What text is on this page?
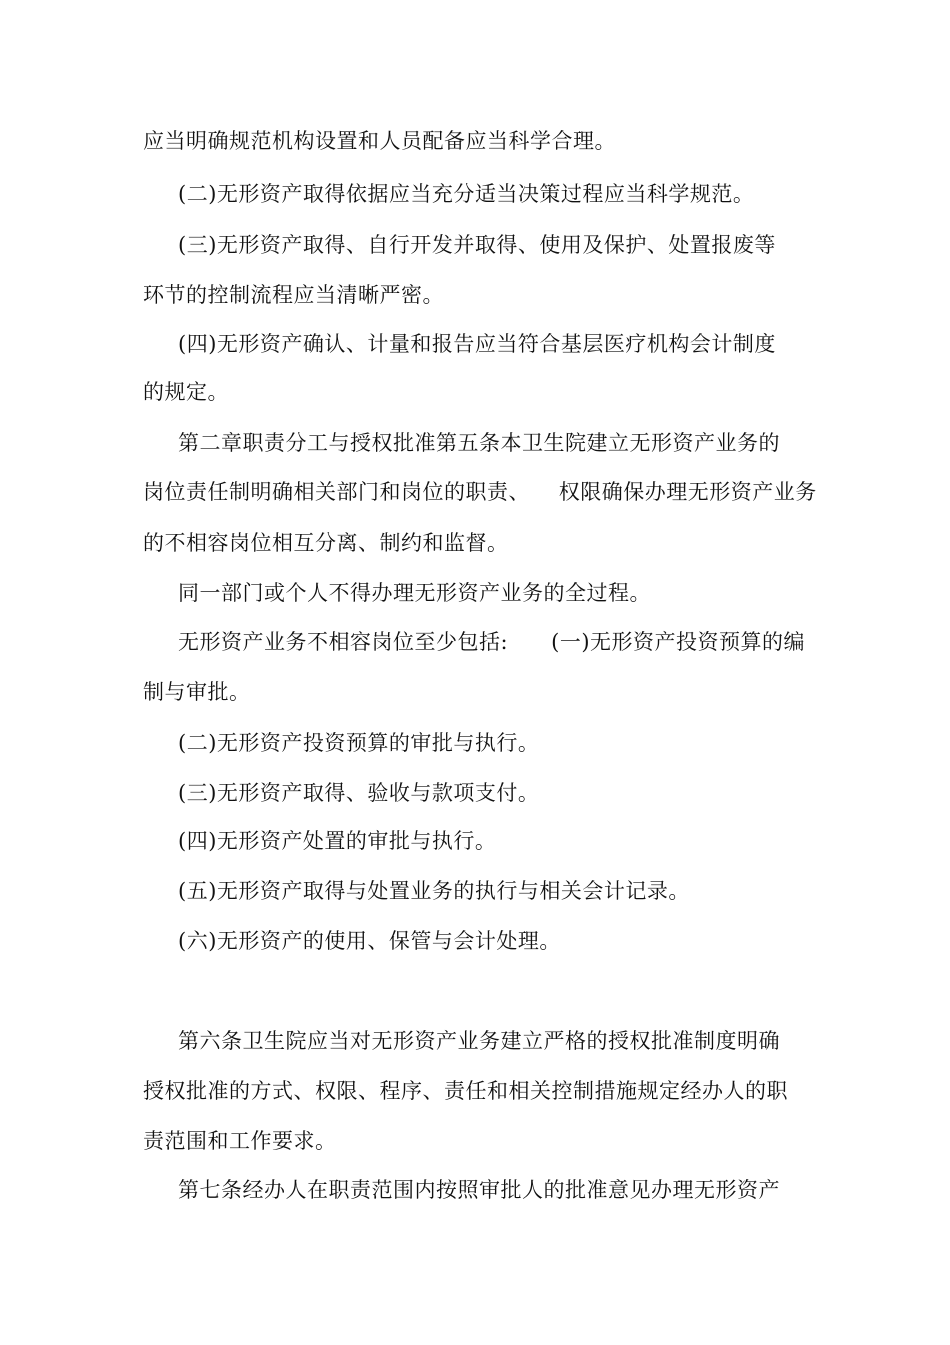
应当明确规范机构设置和人员配备应当科学合理。
(二)无形资产取得依据应当充分适当决策过程应当科学规范。
(三)无形资产取得、自行开发并取得、使用及保护、处置报废等
环节的控制流程应当清晰严密。
(四)无形资产确认、计量和报告应当符合基层医疗机构会计制度
的规定。
第二章职责分工与授权批准第五条本卫生院建立无形资产业务的
岗位责任制明确相关部门和岗位的职责、    权限确保办理无形资产业务
的不相容岗位相互分离、制约和监督。
同一部门或个人不得办理无形资产业务的全过程。
无形资产业务不相容岗位至少包括:      (一)无形资产投资预算的编
制与审批。
(二)无形资产投资预算的审批与执行。
(三)无形资产取得、验收与款项支付。
(四)无形资产处置的审批与执行。
(五)无形资产取得与处置业务的执行与相关会计记录。
(六)无形资产的使用、保管与会计处理。
第六条卫生院应当对无形资产业务建立严格的授权批准制度明确
授权批准的方式、权限、程序、责任和相关控制措施规定经办人的职
责范围和工作要求。
第七条经办人在职责范围内按照审批人的批准意见办理无形资产
